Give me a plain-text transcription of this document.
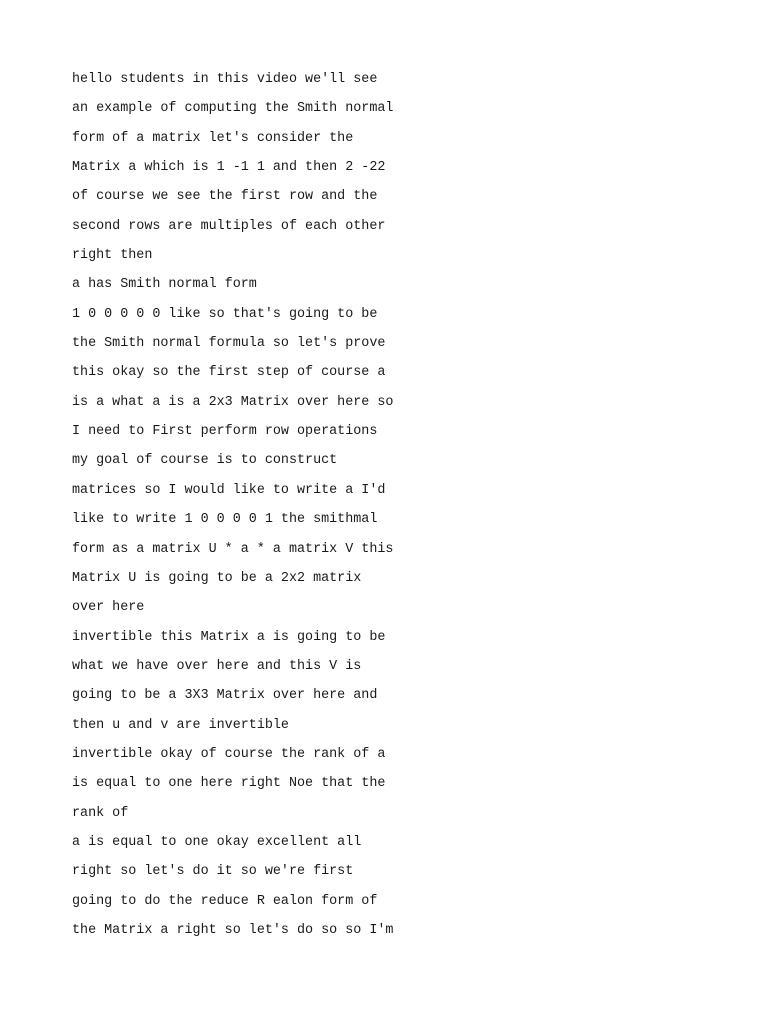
hello students in this video we'll see
an example of computing the Smith normal
form of a matrix let's consider the
Matrix a which is 1 -1 1 and then 2 -22
of course we see the first row and the
second rows are multiples of each other
right then
a has Smith normal form
1 0 0 0 0 0 like so that's going to be
the Smith normal formula so let's prove
this okay so the first step of course a
is a what a is a 2x3 Matrix over here so
I need to First perform row operations
my goal of course is to construct
matrices so I would like to write a I'd
like to write 1 0 0 0 0 1 the smithmal
form as a matrix U * a * a matrix V this
Matrix U is going to be a 2x2 matrix
over here
invertible this Matrix a is going to be
what we have over here and this V is
going to be a 3X3 Matrix over here and
then u and v are invertible
invertible okay of course the rank of a
is equal to one here right Noe that the
rank of
a is equal to one okay excellent all
right so let's do it so we're first
going to do the reduce R ealon form of
the Matrix a right so let's do so so I'm
